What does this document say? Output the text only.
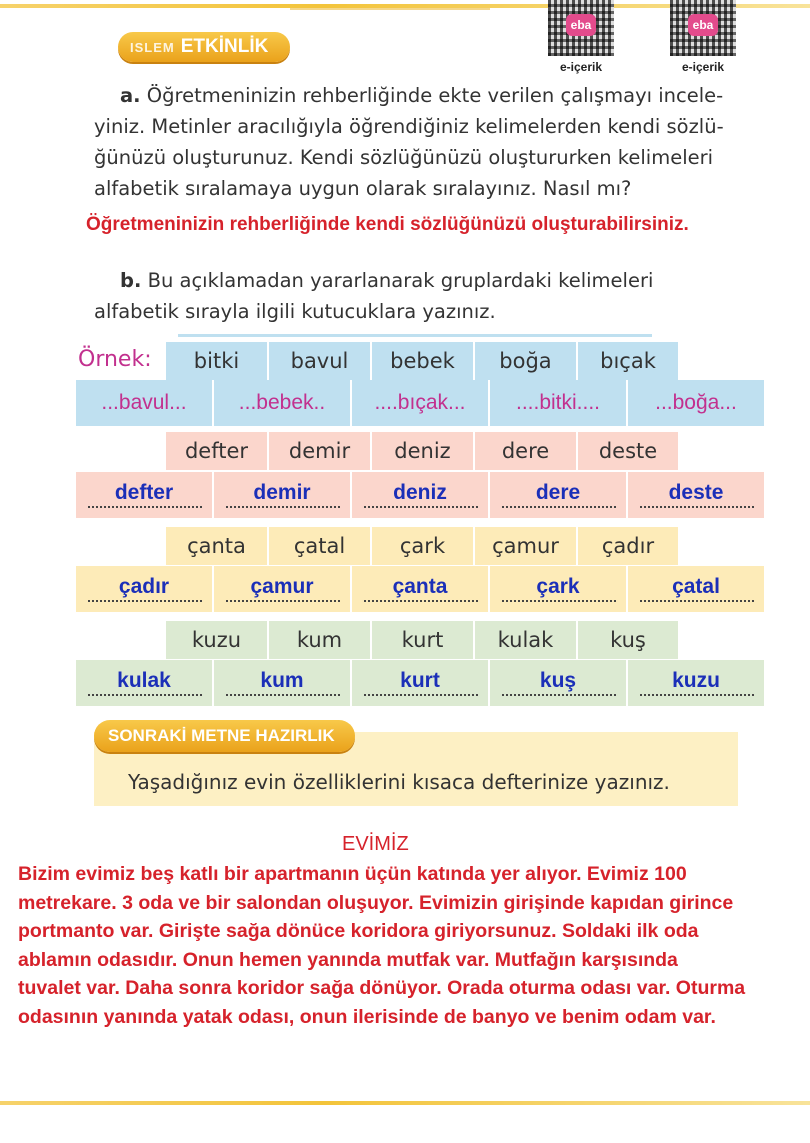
eba
e-içerik
eba
e-içerik
ISLEM ETKİNLİK
a. Öğretmeninizin rehberliğinde ekte verilen çalışmayı incele-
yiniz. Metinler aracılığıyla öğrendiğiniz kelimelerden kendi sözlü-
ğünüzü oluşturunuz. Kendi sözlüğünüzü oluştururken kelimeleri
alfabetik sıralamaya uygun olarak sıralayınız. Nasıl mı?
Öğretmeninizin rehberliğinde kendi sözlüğünüzü oluşturabilirsiniz.
b. Bu açıklamadan yararlanarak gruplardaki kelimeleri
alfabetik sırayla ilgili kutucuklara yazınız.
Örnek:	bitki	bavul	bebek	boğa	bıçak
...bavul...	...bebek..	....bıçak...	....bitki....	...boğa...
defter	demir	deniz	dere	deste
defter	demir	deniz	dere	deste
çanta	çatal	çark	çamur	çadır
çadır	çamur	çanta	çark	çatal
kuzu	kum	kurt	kulak	kuş
kulak	kum	kurt	kuş	kuzu
SONRAKİ METNE HAZIRLIK
Yaşadığınız evin özelliklerini kısaca defterinize yazınız.
EVİMİZ
Bizim evimiz beş katlı bir apartmanın üçün katında yer alıyor. Evimiz 100
metrekare. 3 oda ve bir salondan oluşuyor. Evimizin girişinde kapıdan girince
portmanto var. Girişte sağa dönüce koridora giriyorsunuz. Soldaki ilk oda
ablamın odasıdır. Onun hemen yanında mutfak var. Mutfağın karşısında
tuvalet var. Daha sonra koridor sağa dönüyor. Orada oturma odası var. Oturma
odasının yanında yatak odası, onun ilerisinde de banyo ve benim odam var.
